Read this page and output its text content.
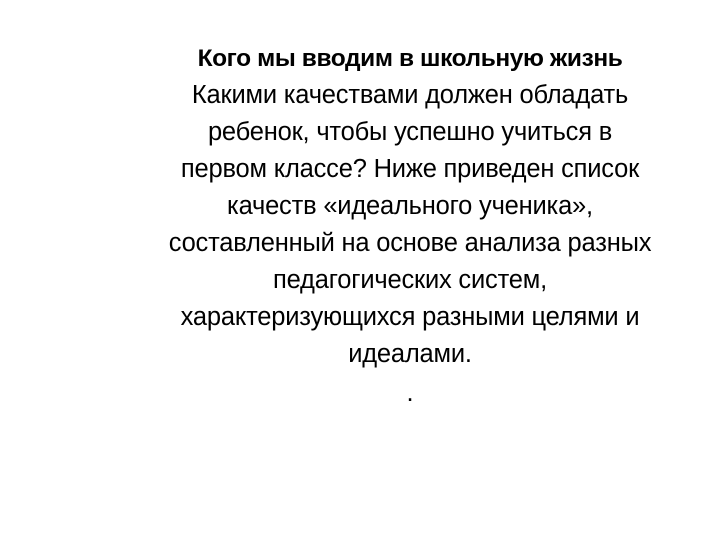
Кого мы вводим в школьную жизнь
Какими качествами должен обладать
ребенок, чтобы успешно учиться в
первом классе? Ниже приведен список
качеств «идеального ученика»,
составленный на основе анализа разных
педагогических систем,
характеризующихся разными целями и
идеалами.
.
